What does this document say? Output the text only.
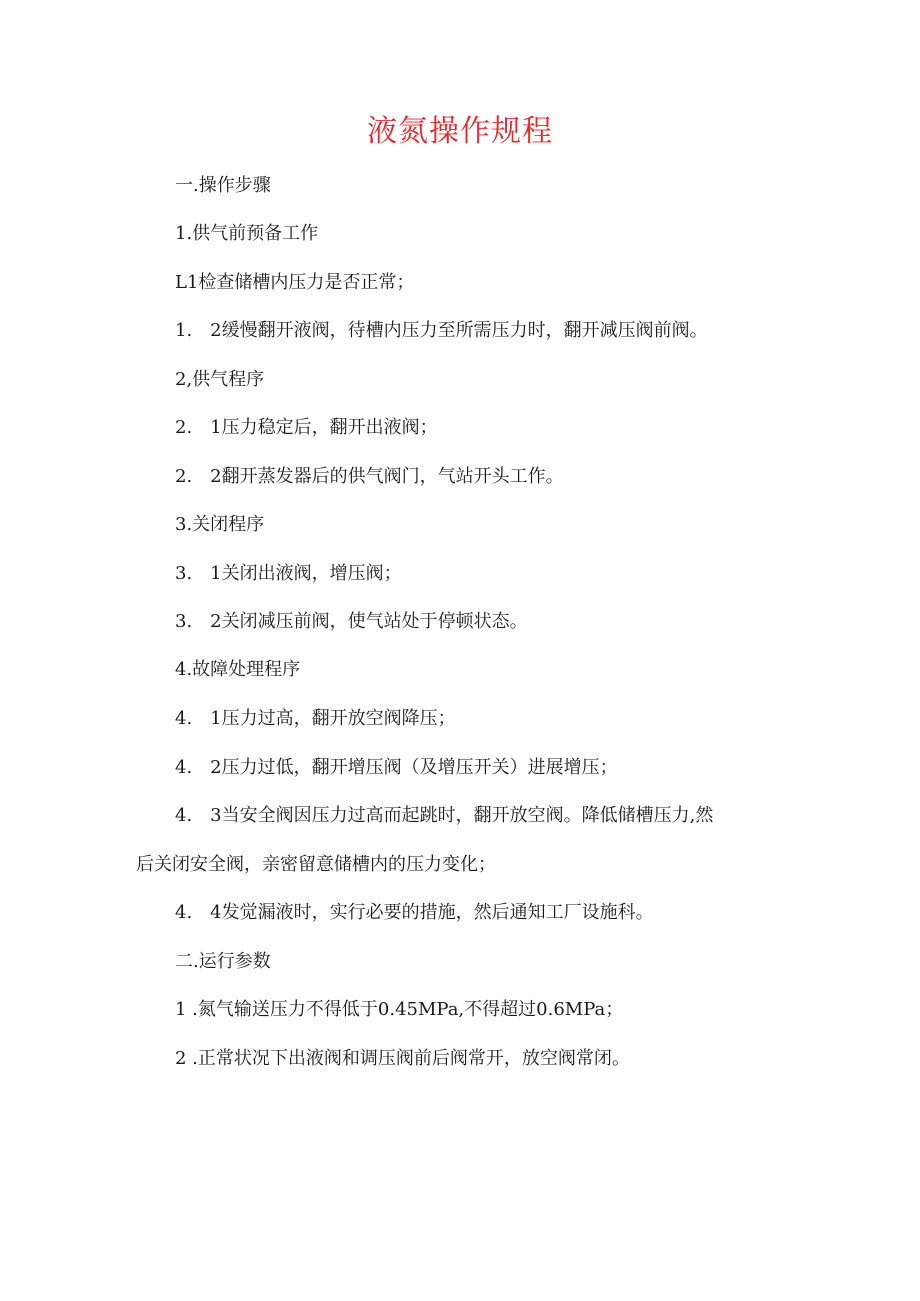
液氮操作规程

一.操作步骤

1.供气前预备工作

L1检查储槽内压力是否正常；

1.　2缓慢翻开液阀，待槽内压力至所需压力时，翻开减压阀前阀。

2,供气程序

2.　1压力稳定后，翻开出液阀；

2.　2翻开蒸发器后的供气阀门，气站开头工作。

3.关闭程序

3.　1关闭出液阀，增压阀；

3.　2关闭减压前阀，使气站处于停顿状态。

4.故障处理程序

4.　1压力过高，翻开放空阀降压；

4.　2压力过低，翻开增压阀（及增压开关）进展增压；

4.　3当安全阀因压力过高而起跳时，翻开放空阀。降低储槽压力,然

后关闭安全阀，亲密留意储槽内的压力变化；

4.　4发觉漏液时，实行必要的措施，然后通知工厂设施科。

二.运行参数

1 .氮气输送压力不得低于0.45MPa,不得超过0.6MPa；

2 .正常状况下出液阀和调压阀前后阀常开，放空阀常闭。
